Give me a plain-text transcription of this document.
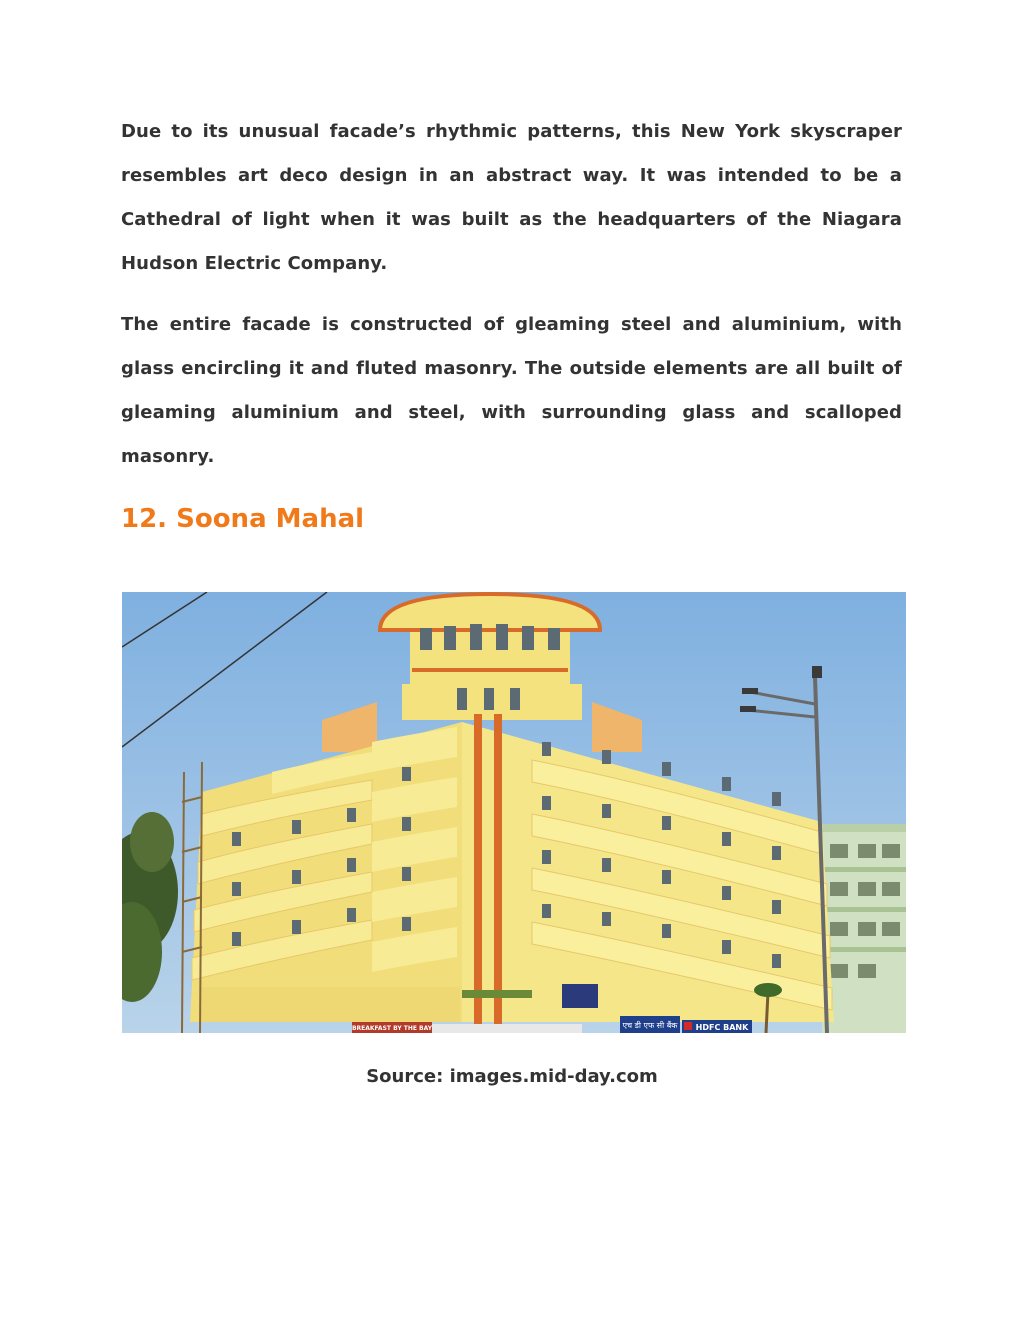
Due to its unusual facade’s rhythmic patterns, this New York skyscraper resembles art deco design in an abstract way. It was intended to be a Cathedral of light when it was built as the headquarters of the Niagara Hudson Electric Company.

The entire facade is constructed of gleaming steel and aluminium, with glass encircling it and fluted masonry. The outside elements are all built of gleaming aluminium and steel, with surrounding glass and scalloped masonry.

12. Soona Mahal
BREAKFAST BY THE BAY	एच डी एफ सी बैंक HDFC BANK
Source: images.mid-day.com
